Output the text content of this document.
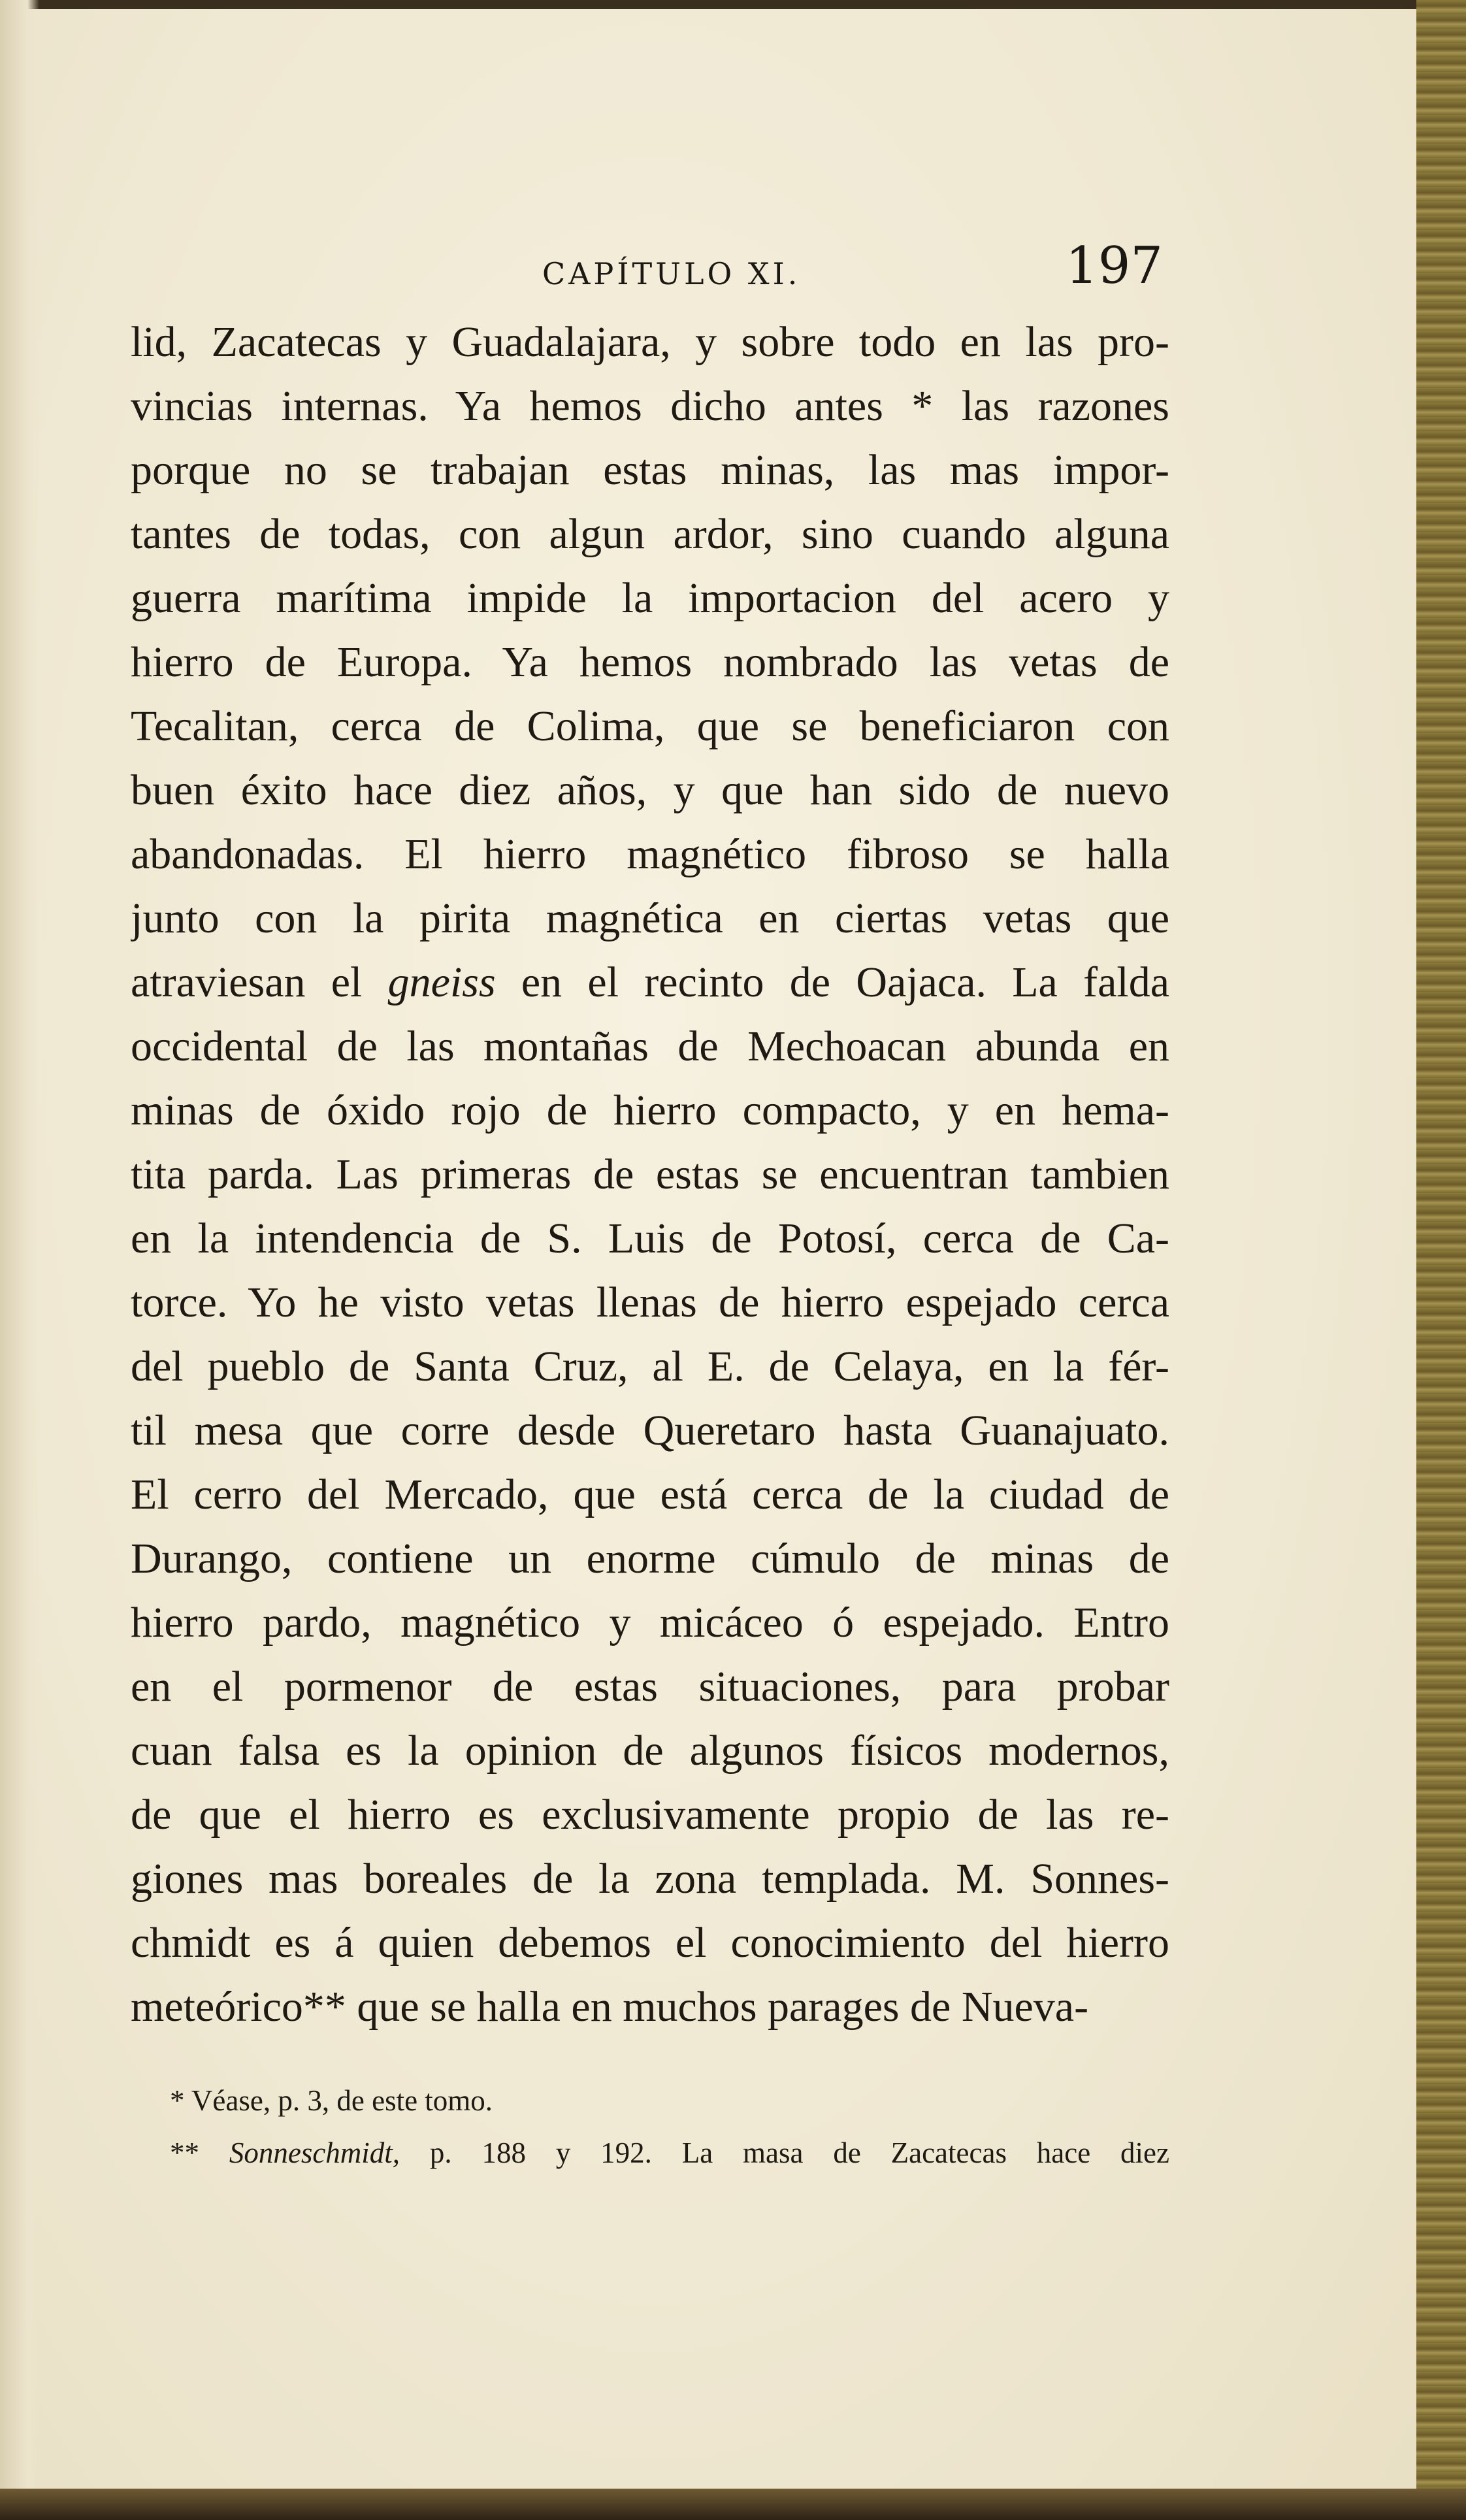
CAPÍTULO XI.	197
lid, Zacatecas y Guadalajara, y sobre todo en las pro-
vincias internas. Ya hemos dicho antes * las razones
porque no se trabajan estas minas, las mas impor-
tantes de todas, con algun ardor, sino cuando alguna
guerra marítima impide la importacion del acero y
hierro de Europa. Ya hemos nombrado las vetas de
Tecalitan, cerca de Colima, que se beneficiaron con
buen éxito hace diez años, y que han sido de nuevo
abandonadas. El hierro magnético fibroso se halla
junto con la pirita magnética en ciertas vetas que
atraviesan el gneiss en el recinto de Oajaca. La falda
occidental de las montañas de Mechoacan abunda en
minas de óxido rojo de hierro compacto, y en hema-
tita parda. Las primeras de estas se encuentran tambien
en la intendencia de S. Luis de Potosí, cerca de Ca-
torce. Yo he visto vetas llenas de hierro espejado cerca
del pueblo de Santa Cruz, al E. de Celaya, en la fér-
til mesa que corre desde Queretaro hasta Guanajuato.
El cerro del Mercado, que está cerca de la ciudad de
Durango, contiene un enorme cúmulo de minas de
hierro pardo, magnético y micáceo ó espejado. Entro
en el pormenor de estas situaciones, para probar
cuan falsa es la opinion de algunos físicos modernos,
de que el hierro es exclusivamente propio de las re-
giones mas boreales de la zona templada. M. Sonnes-
chmidt es á quien debemos el conocimiento del hierro
meteórico** que se halla en muchos parages de Nueva-
* Véase, p. 3, de este tomo.
** Sonneschmidt, p. 188 y 192. La masa de Zacatecas hace diez
